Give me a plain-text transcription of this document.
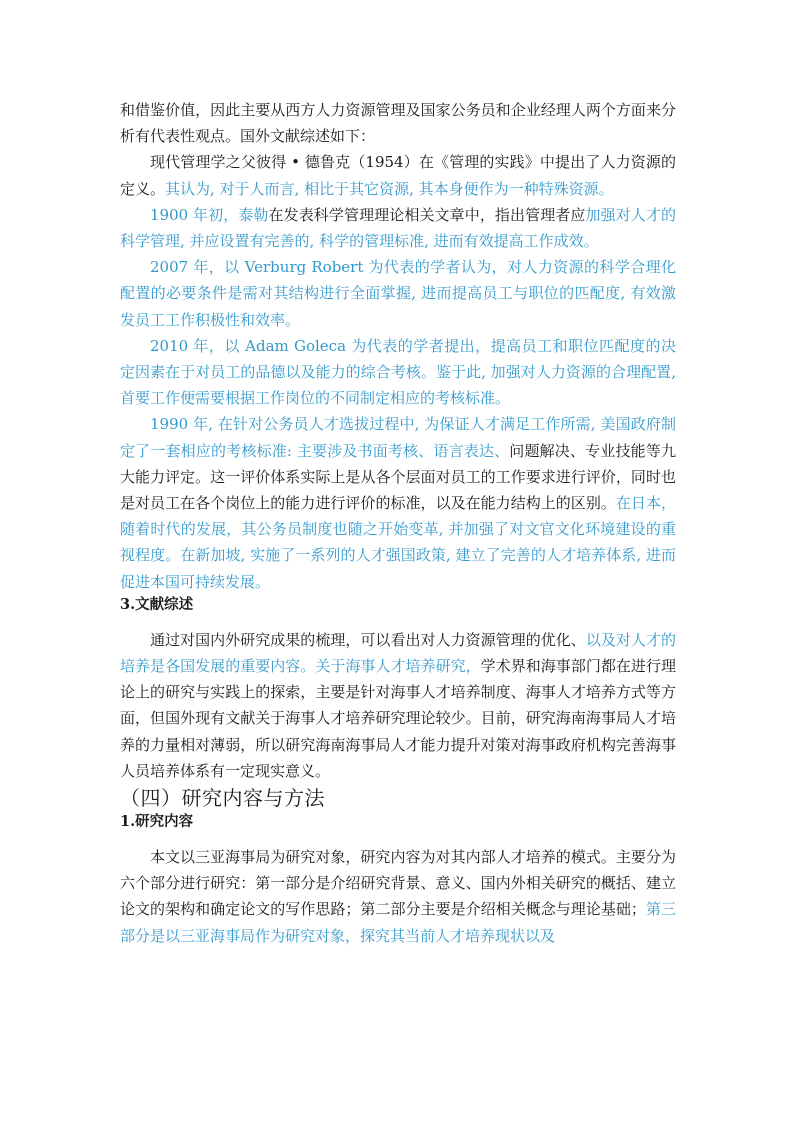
和借鉴价值，因此主要从西方人力资源管理及国家公务员和企业经理人两个方面来分析有代表性观点。国外文献综述如下：

现代管理学之父彼得 • 德鲁克（1954）在《管理的实践》中提出了人力资源的定义。其认为, 对于人而言, 相比于其它资源, 其本身便作为一种特殊资源。

1900 年初，泰勒在发表科学管理理论相关文章中，指出管理者应加强对人才的科学管理, 并应设置有完善的, 科学的管理标准, 进而有效提高工作成效。

2007 年，以 Verburg Robert 为代表的学者认为，对人力资源的科学合理化配置的必要条件是需对其结构进行全面掌握, 进而提高员工与职位的匹配度, 有效激发员工工作积极性和效率。

2010 年，以 Adam Goleca 为代表的学者提出，提高员工和职位匹配度的决定因素在于对员工的品德以及能力的综合考核。鉴于此, 加强对人力资源的合理配置, 首要工作便需要根据工作岗位的不同制定相应的考核标准。

1990 年, 在针对公务员人才选拔过程中, 为保证人才满足工作所需, 美国政府制定了一套相应的考核标准: 主要涉及书面考核、语言表达、问题解决、专业技能等九大能力评定。这一评价体系实际上是从各个层面对员工的工作要求进行评价，同时也是对员工在各个岗位上的能力进行评价的标准，以及在能力结构上的区别。在日本，随着时代的发展，其公务员制度也随之开始变革, 并加强了对文官文化环境建设的重视程度。在新加坡, 实施了一系列的人才强国政策, 建立了完善的人才培养体系, 进而促进本国可持续发展。

3.文献综述

通过对国内外研究成果的梳理，可以看出对人力资源管理的优化、以及对人才的培养是各国发展的重要内容。关于海事人才培养研究，学术界和海事部门都在进行理论上的研究与实践上的探索，主要是针对海事人才培养制度、海事人才培养方式等方面，但国外现有文献关于海事人才培养研究理论较少。目前，研究海南海事局人才培养的力量相对薄弱，所以研究海南海事局人才能力提升对策对海事政府机构完善海事人员培养体系有一定现实意义。

（四）研究内容与方法
1.研究内容

本文以三亚海事局为研究对象，研究内容为对其内部人才培养的模式。主要分为六个部分进行研究：第一部分是介绍研究背景、意义、国内外相关研究的概括、建立论文的架构和确定论文的写作思路；第二部分主要是介绍相关概念与理论基础；第三部分是以三亚海事局作为研究对象，探究其当前人才培养现状以及
